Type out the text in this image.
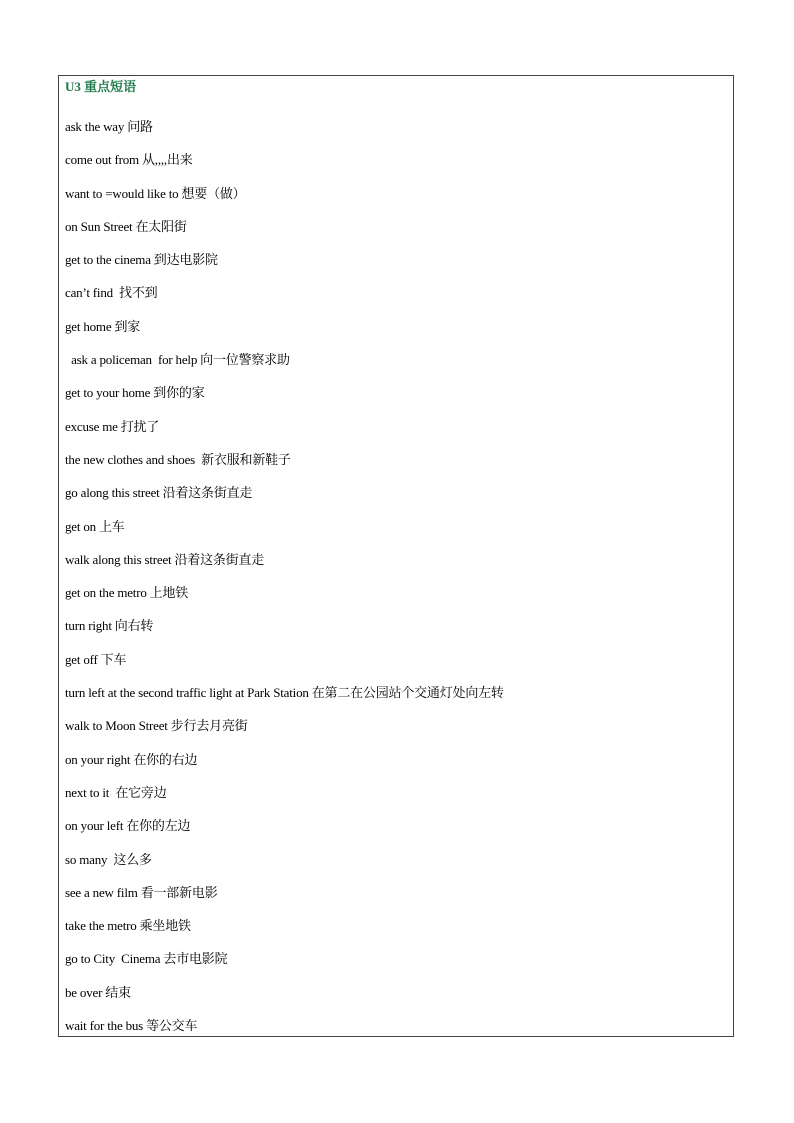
U3 重点短语
ask the way 问路
come out from 从,,,,出来
want to =would like to 想要（做）
on Sun Street 在太阳街
get to the cinema 到达电影院
can’t find  找不到
get home 到家
ask a policeman  for help 向一位警察求助
get to your home 到你的家
excuse me 打扰了
the new clothes and shoes  新衣服和新鞋子
go along this street 沿着这条街直走
get on 上车
walk along this street 沿着这条街直走
get on the metro 上地铁
turn right 向右转
get off 下车
turn left at the second traffic light at Park Station 在第二在公园站个交通灯处向左转
walk to Moon Street 步行去月亮街
on your right 在你的右边
next to it  在它旁边
on your left 在你的左边
so many  这么多
see a new film 看一部新电影
take the metro 乘坐地铁
go to City  Cinema 去市电影院
be over 结束
wait for the bus 等公交车
